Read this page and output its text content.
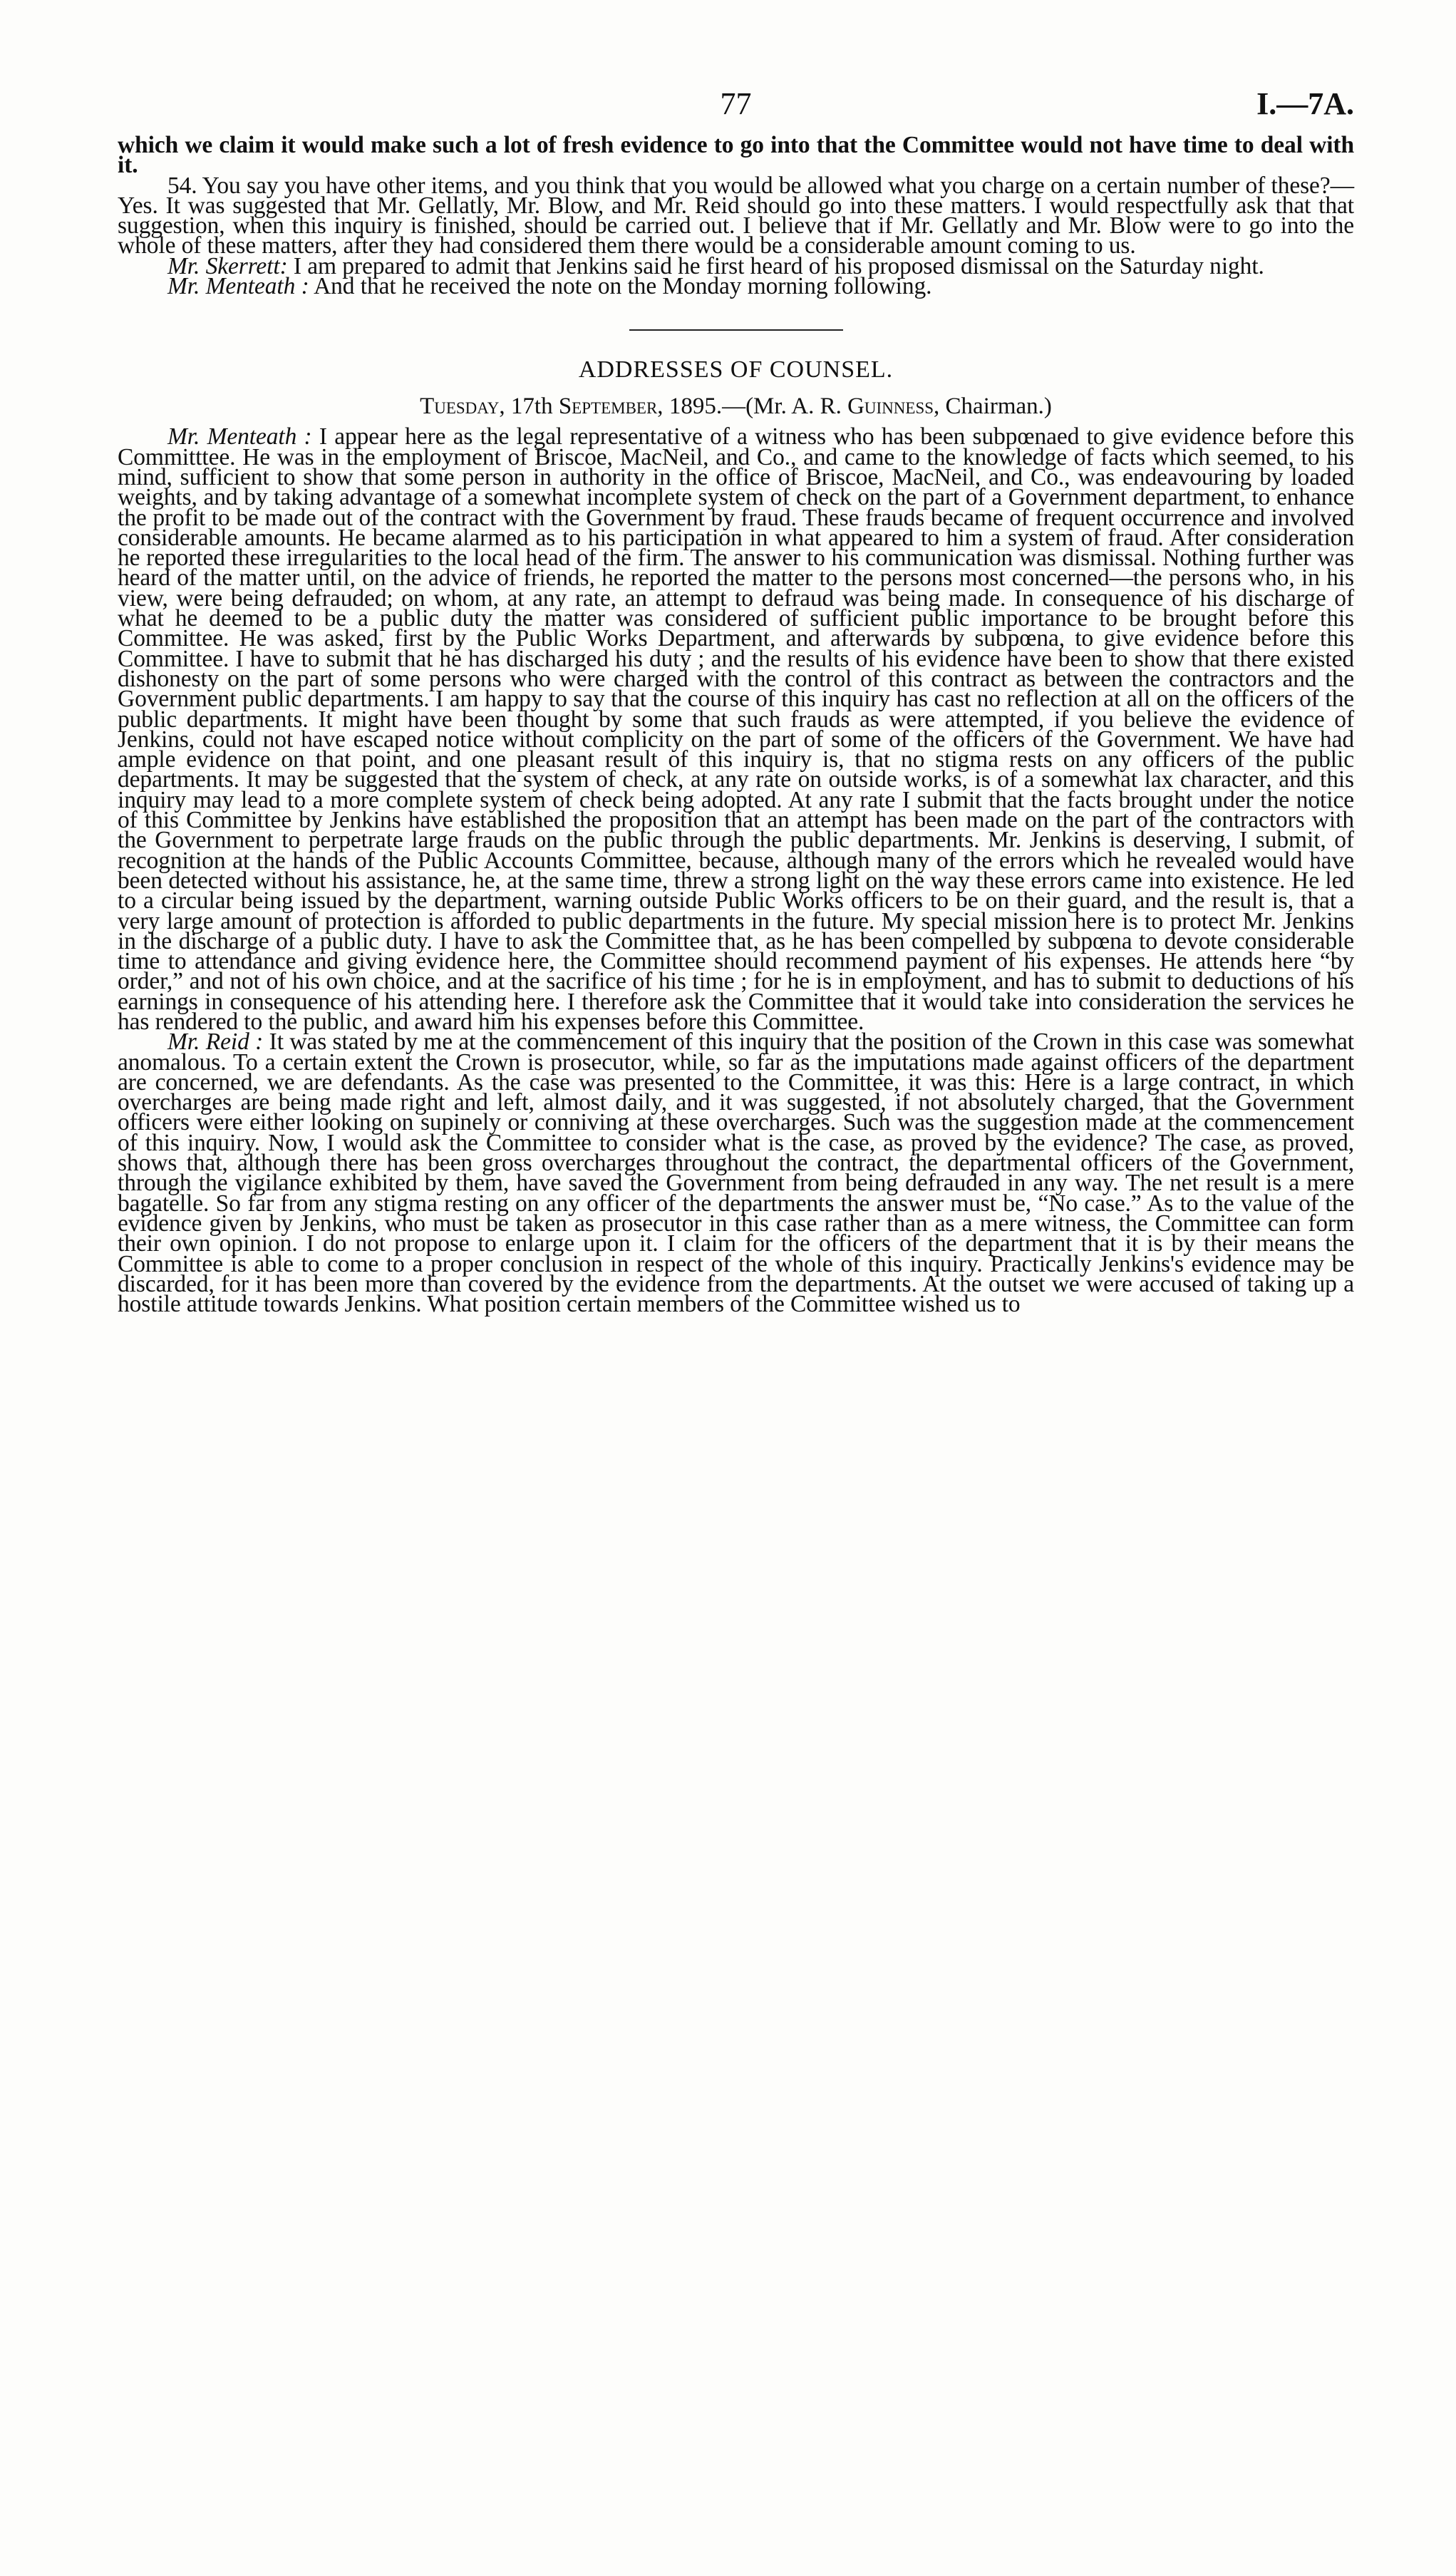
77	I.—7A.

which we claim it would make such a lot of fresh evidence to go into that the Committee would not have time to deal with it.

54. You say you have other items, and you think that you would be allowed what you charge on a certain number of these?—Yes. It was suggested that Mr. Gellatly, Mr. Blow, and Mr. Reid should go into these matters. I would respectfully ask that that suggestion, when this inquiry is finished, should be carried out. I believe that if Mr. Gellatly and Mr. Blow were to go into the whole of these matters, after they had considered them there would be a considerable amount coming to us.

Mr. Skerrett: I am prepared to admit that Jenkins said he first heard of his proposed dismissal on the Saturday night.

Mr. Menteath : And that he received the note on the Monday morning following.

ADDRESSES OF COUNSEL.
Tuesday, 17th September, 1895.—(Mr. A. R. Guinness, Chairman.)

Mr. Menteath : I appear here as the legal representative of a witness who has been subpœnaed to give evidence before this Committtee. He was in the employment of Briscoe, MacNeil, and Co., and came to the knowledge of facts which seemed, to his mind, sufficient to show that some person in authority in the office of Briscoe, MacNeil, and Co., was endeavouring by loaded weights, and by taking advantage of a somewhat incomplete system of check on the part of a Government department, to enhance the profit to be made out of the contract with the Government by fraud. These frauds became of frequent occurrence and involved considerable amounts. He became alarmed as to his participation in what appeared to him a system of fraud. After consideration he reported these irregularities to the local head of the firm. The answer to his communication was dismissal. Nothing further was heard of the matter until, on the advice of friends, he reported the matter to the persons most concerned—the persons who, in his view, were being defrauded; on whom, at any rate, an attempt to defraud was being made. In consequence of his discharge of what he deemed to be a public duty the matter was considered of sufficient public importance to be brought before this Committee. He was asked, first by the Public Works Department, and afterwards by subpœna, to give evidence before this Committee. I have to submit that he has discharged his duty ; and the results of his evidence have been to show that there existed dishonesty on the part of some persons who were charged with the control of this contract as between the contractors and the Government public departments. I am happy to say that the course of this inquiry has cast no reflection at all on the officers of the public departments. It might have been thought by some that such frauds as were attempted, if you believe the evidence of Jenkins, could not have escaped notice without complicity on the part of some of the officers of the Government. We have had ample evidence on that point, and one pleasant result of this inquiry is, that no stigma rests on any officers of the public departments. It may be suggested that the system of check, at any rate on outside works, is of a somewhat lax character, and this inquiry may lead to a more complete system of check being adopted. At any rate I submit that the facts brought under the notice of this Committee by Jenkins have established the proposition that an attempt has been made on the part of the contractors with the Government to perpetrate large frauds on the public through the public departments. Mr. Jenkins is deserving, I submit, of recognition at the hands of the Public Accounts Committee, because, although many of the errors which he revealed would have been detected without his assistance, he, at the same time, threw a strong light on the way these errors came into existence. He led to a circular being issued by the department, warning outside Public Works officers to be on their guard, and the result is, that a very large amount of protection is afforded to public departments in the future. My special mission here is to protect Mr. Jenkins in the discharge of a public duty. I have to ask the Committee that, as he has been compelled by subpœna to devote considerable time to attendance and giving evidence here, the Committee should recommend payment of his expenses. He attends here “by order,” and not of his own choice, and at the sacrifice of his time ; for he is in employment, and has to submit to deductions of his earnings in consequence of his attending here. I therefore ask the Committee that it would take into consideration the services he has rendered to the public, and award him his expenses before this Committee.

Mr. Reid : It was stated by me at the commencement of this inquiry that the position of the Crown in this case was somewhat anomalous. To a certain extent the Crown is prosecutor, while, so far as the imputations made against officers of the department are concerned, we are defendants. As the case was presented to the Committee, it was this: Here is a large contract, in which overcharges are being made right and left, almost daily, and it was suggested, if not absolutely charged, that the Government officers were either looking on supinely or conniving at these overcharges. Such was the suggestion made at the commencement of this inquiry. Now, I would ask the Committee to consider what is the case, as proved by the evidence? The case, as proved, shows that, although there has been gross overcharges throughout the contract, the departmental officers of the Government, through the vigilance exhibited by them, have saved the Government from being defrauded in any way. The net result is a mere bagatelle. So far from any stigma resting on any officer of the departments the answer must be, “No case.” As to the value of the evidence given by Jenkins, who must be taken as prosecutor in this case rather than as a mere witness, the Committee can form their own opinion. I do not propose to enlarge upon it. I claim for the officers of the department that it is by their means the Committee is able to come to a proper conclusion in respect of the whole of this inquiry. Practically Jenkins's evidence may be discarded, for it has been more than covered by the evidence from the departments. At the outset we were accused of taking up a hostile attitude towards Jenkins. What position certain members of the Committee wished us to
